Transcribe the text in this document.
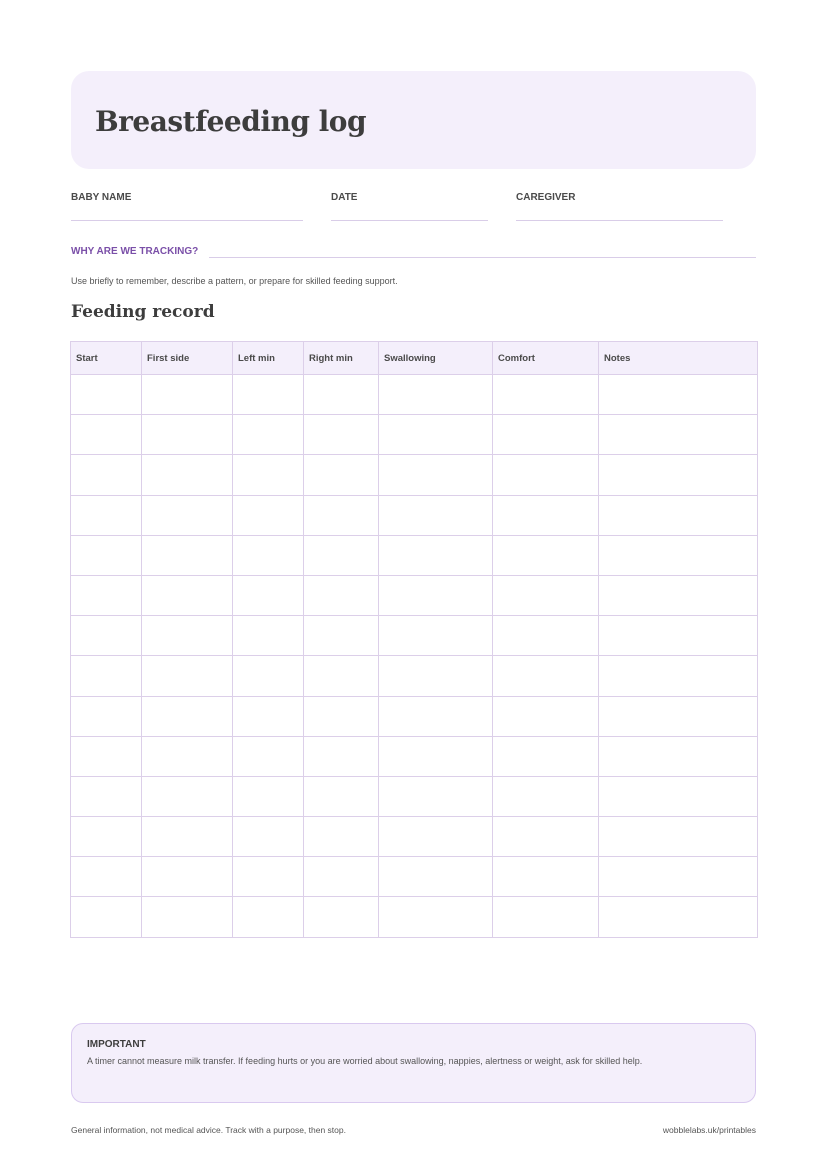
Breastfeeding log
BABY NAME	DATE	CAREGIVER
WHY ARE WE TRACKING?
Use briefly to remember, describe a pattern, or prepare for skilled feeding support.
Feeding record
Start	First side	Left min	Right min	Swallowing	Comfort	Notes

IMPORTANT
A timer cannot measure milk transfer. If feeding hurts or you are worried about swallowing, nappies, alertness or weight, ask for skilled help.
General information, not medical advice. Track with a purpose, then stop.	wobblelabs.uk/printables
